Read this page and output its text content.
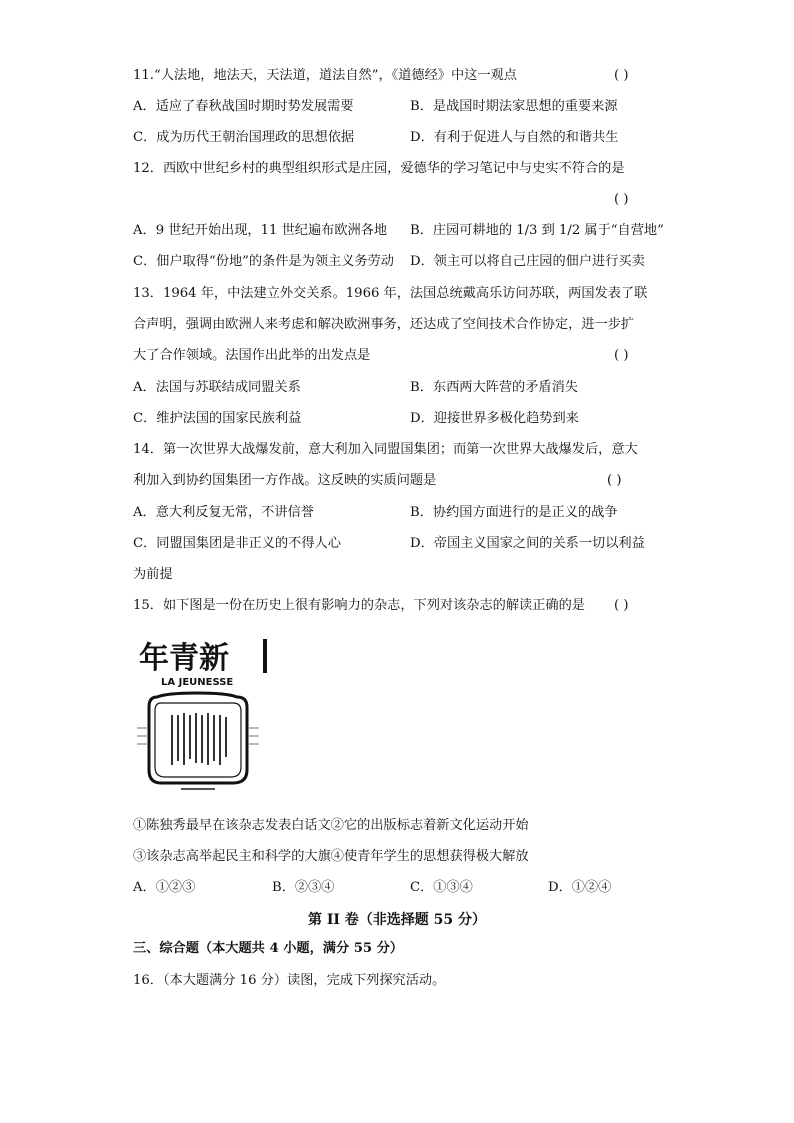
11.“人法地，地法天，天法道，道法自然”，《道德经》中这一观点	( )
A．适应了春秋战国时期时势发展需要	B．是战国时期法家思想的重要来源
C．成为历代王朝治国理政的思想依据	D．有利于促进人与自然的和谐共生
12．西欧中世纪乡村的典型组织形式是庄园，爱德华的学习笔记中与史实不符合的是
( )
A．9 世纪开始出现，11 世纪遍布欧洲各地 B．庄园可耕地的 1/3 到 1/2 属于“自营地”
C．佃户取得“份地”的条件是为领主义务劳动 D．领主可以将自己庄园的佃户进行买卖
13．1964 年，中法建立外交关系。1966 年，法国总统戴高乐访问苏联，两国发表了联
合声明，强调由欧洲人来考虑和解决欧洲事务，还达成了空间技术合作协定，进一步扩
大了合作领域。法国作出此举的出发点是	( )
A．法国与苏联结成同盟关系	B．东西两大阵营的矛盾消失
C．维护法国的国家民族利益	D．迎接世界多极化趋势到来
14．第一次世界大战爆发前，意大利加入同盟国集团；而第一次世界大战爆发后，意大
利加入到协约国集团一方作战。这反映的实质问题是	( )
A．意大利反复无常，不讲信誉	B．协约国方面进行的是正义的战争
C．同盟国集团是非正义的不得人心	D．帝国主义国家之间的关系一切以利益
为前提
15．如下图是一份在历史上很有影响力的杂志，下列对该杂志的解读正确的是 ( )
年青新
LA JEUNESSE
①陈独秀最早在该杂志发表白话文②它的出版标志着新文化运动开始
③该杂志高举起民主和科学的大旗④使青年学生的思想获得极大解放
A．①②③	B．②③④	C．①③④	D．①②④
第 II 卷（非选择题 55 分）
三、综合题（本大题共 4 小题，满分 55 分）
16．（本大题满分 16 分）读图，完成下列探究活动。
